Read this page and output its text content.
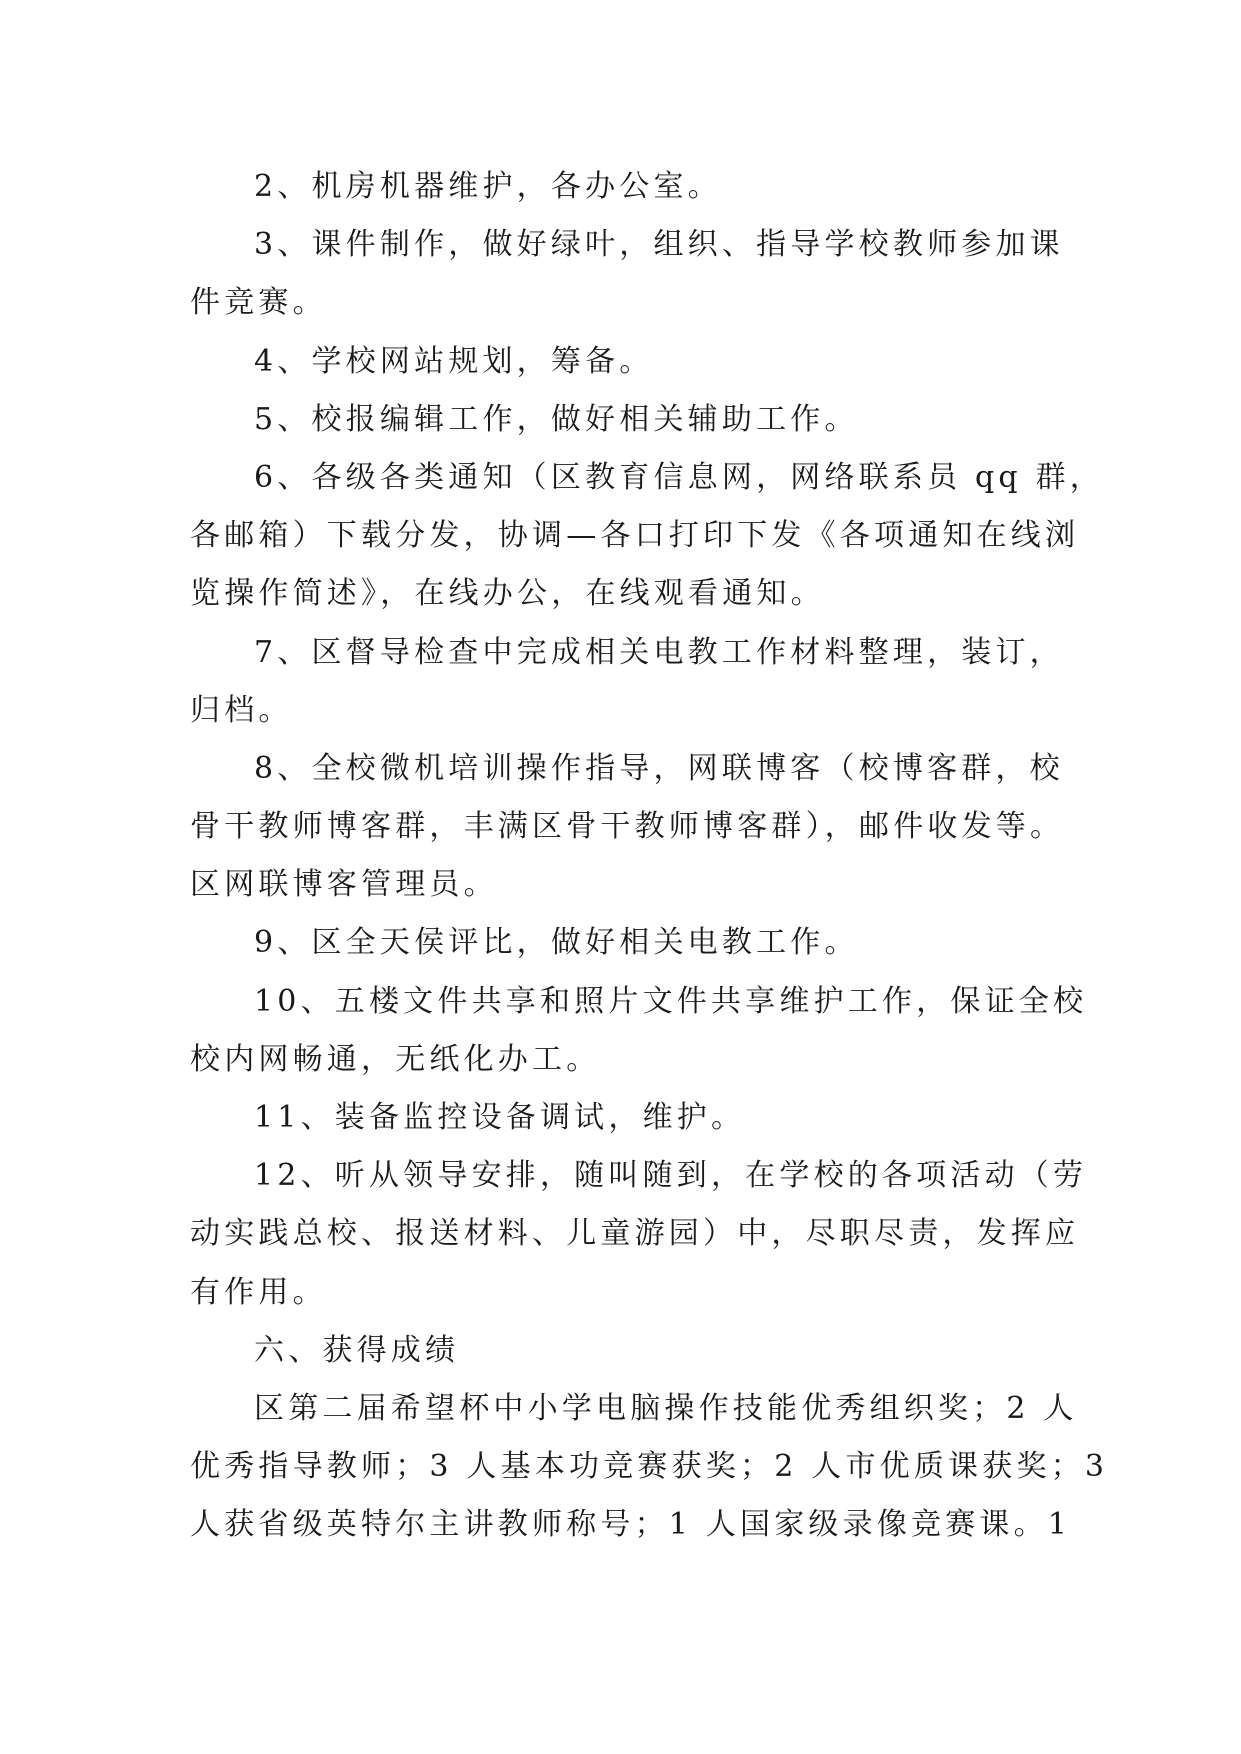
2、机房机器维护，各办公室。
3、课件制作，做好绿叶，组织、指导学校教师参加课
件竞赛。
4、学校网站规划，筹备。
5、校报编辑工作，做好相关辅助工作。
6、各级各类通知（区教育信息网，网络联系员 qq 群，
各邮箱）下载分发，协调—各口打印下发《各项通知在线浏
览操作简述》，在线办公，在线观看通知。
7、区督导检查中完成相关电教工作材料整理，装订，
归档。
8、全校微机培训操作指导，网联博客（校博客群，校
骨干教师博客群，丰满区骨干教师博客群），邮件收发等。
区网联博客管理员。
9、区全天侯评比，做好相关电教工作。
10、五楼文件共享和照片文件共享维护工作，保证全校
校内网畅通，无纸化办工。
11、装备监控设备调试，维护。
12、听从领导安排，随叫随到，在学校的各项活动（劳
动实践总校、报送材料、儿童游园）中，尽职尽责，发挥应
有作用。
六、获得成绩
区第二届希望杯中小学电脑操作技能优秀组织奖；2 人
优秀指导教师；3 人基本功竞赛获奖；2 人市优质课获奖；3
人获省级英特尔主讲教师称号；1 人国家级录像竞赛课。1
